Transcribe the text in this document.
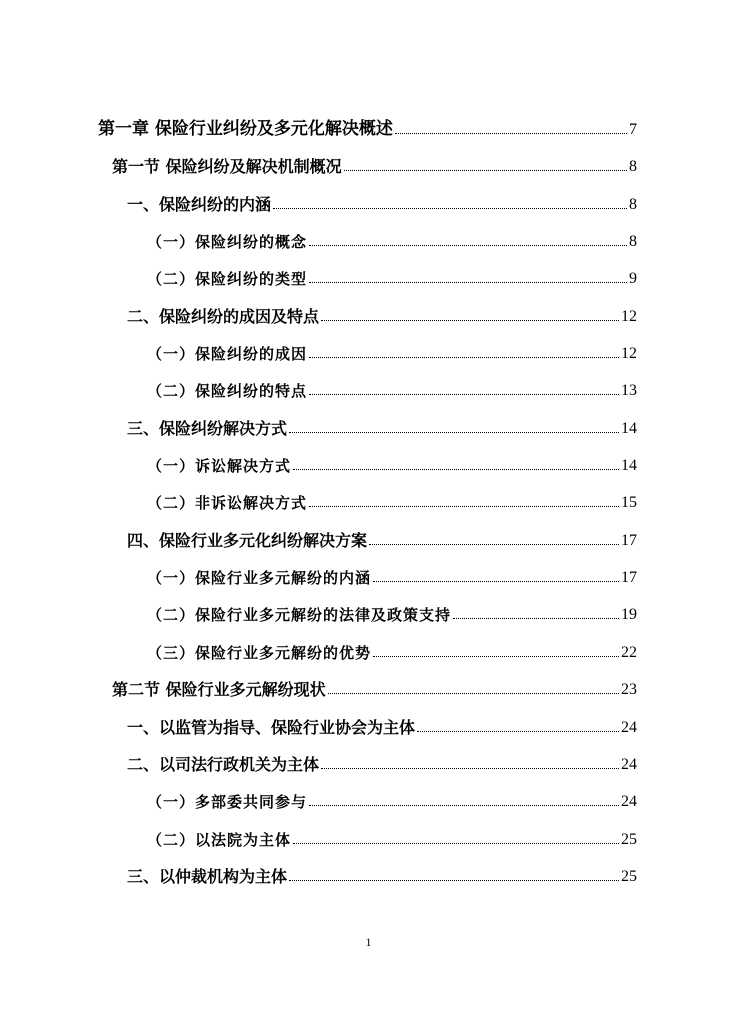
第一章 保险行业纠纷及多元化解决概述	7
第一节 保险纠纷及解决机制概况	8
一、保险纠纷的内涵	8
（一）保险纠纷的概念	8
（二）保险纠纷的类型	9
二、保险纠纷的成因及特点	12
（一）保险纠纷的成因	12
（二）保险纠纷的特点	13
三、保险纠纷解决方式	14
（一）诉讼解决方式	14
（二）非诉讼解决方式	15
四、保险行业多元化纠纷解决方案	17
（一）保险行业多元解纷的内涵	17
（二）保险行业多元解纷的法律及政策支持	19
（三）保险行业多元解纷的优势	22
第二节 保险行业多元解纷现状	23
一、以监管为指导、保险行业协会为主体	24
二、以司法行政机关为主体	24
（一）多部委共同参与	24
（二）以法院为主体	25
三、以仲裁机构为主体	25
1
